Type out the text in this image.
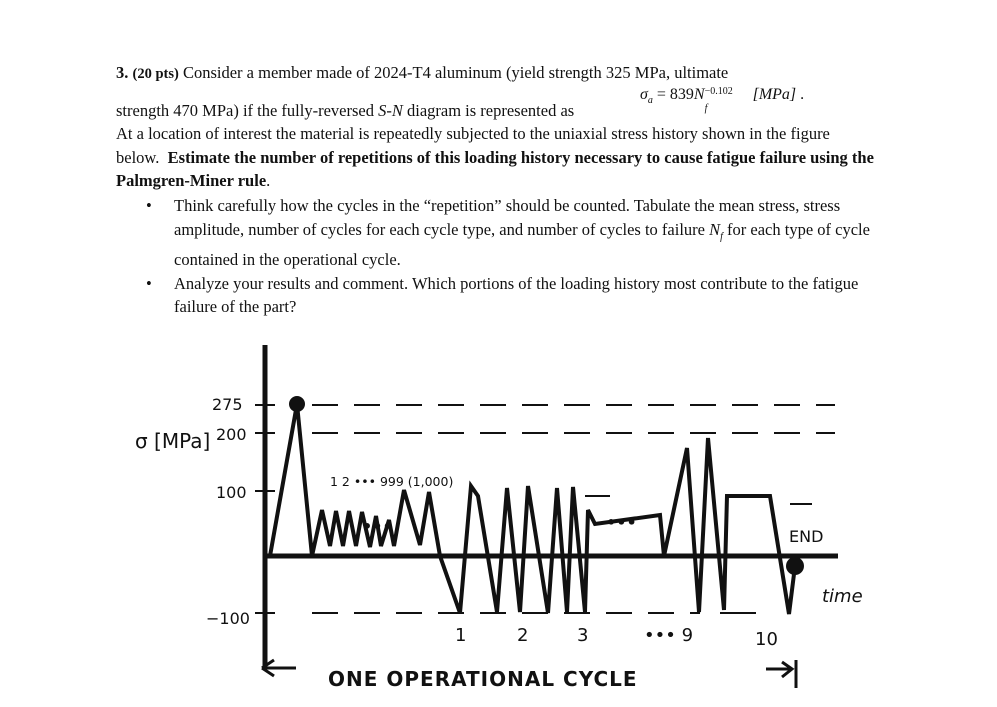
3. (20 pts) Consider a member made of 2024-T4 aluminum (yield strength 325 MPa, ultimate

strength 470 MPa) if the fully-reversed S-N diagram is represented as

At a location of interest the material is repeatedly subjected to the uniaxial stress history shown in the figure below. Estimate the number of repetitions of this loading history necessary to cause fatigue failure using the Palmgren-Miner rule.

$\sigma_a = 839N -0.102$
f
[MPa] .
• Think carefully how the cycles in the “repetition” should be counted. Tabulate the mean stress, stress amplitude, number of cycles for each cycle type, and number of cycles to failure $N_f$ for each type of cycle contained in the operational cycle.
• Analyze your results and comment. Which portions of the loading history most contribute to the fatigue failure of the part?
σ [MPa]
275
200
100
−100
1 2 ••• 999 (1,000)
•••	•••
END
time
1	2	3	••• 9	10
ONE OPERATIONAL CYCLE
